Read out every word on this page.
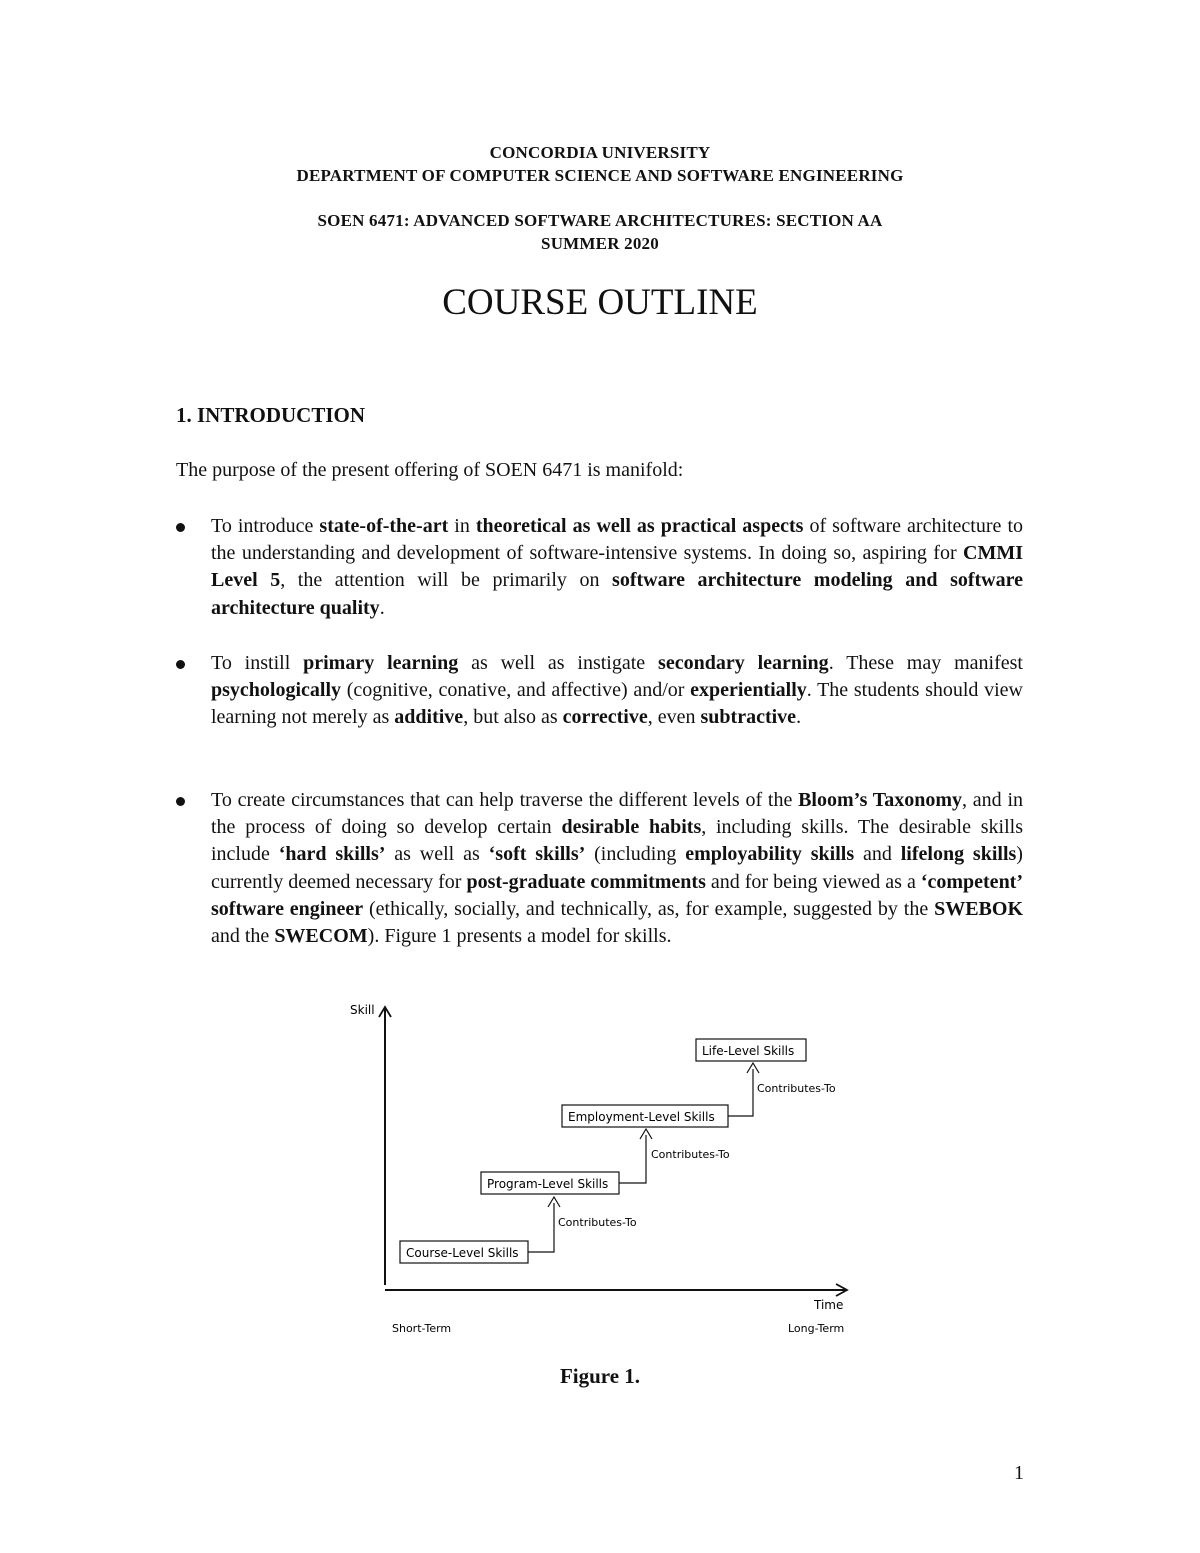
CONCORDIA UNIVERSITY
DEPARTMENT OF COMPUTER SCIENCE AND SOFTWARE ENGINEERING
SOEN 6471: ADVANCED SOFTWARE ARCHITECTURES: SECTION AA
SUMMER 2020
COURSE OUTLINE
1. INTRODUCTION
The purpose of the present offering of SOEN 6471 is manifold:
To introduce state-of-the-art in theoretical as well as practical aspects of software architecture to the understanding and development of software-intensive systems. In doing so, aspiring for CMMI Level 5, the attention will be primarily on software architecture modeling and software architecture quality.
To instill primary learning as well as instigate secondary learning. These may manifest psychologically (cognitive, conative, and affective) and/or experientially. The students should view learning not merely as additive, but also as corrective, even subtractive.
To create circumstances that can help traverse the different levels of the Bloom’s Taxonomy, and in the process of doing so develop certain desirable habits, including skills. The desirable skills include ‘hard skills’ as well as ‘soft skills’ (including employability skills and lifelong skills) currently deemed necessary for post-graduate commitments and for being viewed as a ‘competent’ software engineer (ethically, socially, and technically, as, for example, suggested by the SWEBOK and the SWECOM). Figure 1 presents a model for skills.
Skill
Time
Short-Term	Long-Term
Course-Level Skills
Program-Level Skills
Employment-Level Skills
Life-Level Skills
Contributes-To
Contributes-To
Contributes-To
Figure 1.
1
